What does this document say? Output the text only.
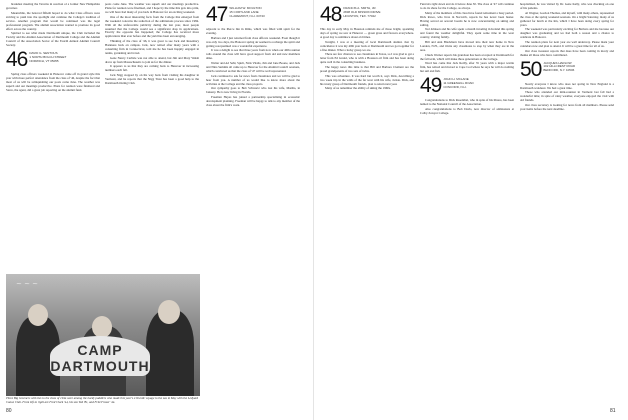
breakfast meeting the Taverns in reaction of a former New Hampshire governor.

Meanwhile, the beloved fiftieth hoped to do what Class officers were striving to push into the spotlight and continue the College's tradition of service. Another program that would be continued was the legal professional program. The alumni association wanted to promote its good effect across the country.

Spirited to see what made Dartmouth unique, the Club included the Faculty and the Alumni Association of Dartmouth College and the Alumni Council of the Association Sector of the Fourth Annual Alumni Council Society.

46 DAVID G. SENTOUS
1 NORTH BOLCH STREET
NORWICH, VT 05055

Spring class officers weekend in Hanover came off in grand style this year with more perfect attendance from the class of '46, despite the fact that most of us will be relinquishing our posts come June. The weather was superb and our meetings productive. Plans for reunion were finalized and Steve, the agent, did a great job reporting on the alumni fund.

posts come June. The weather was superb and our meetings productive. Plans for reunion were finalized, and I hope by the time this gets into print, we will have had many of you back in Hanover for an exciting weekend.

One of the most interesting facts from the College that emerged from the weekend concerns the reduction of the admissions process since 1984. With all the unfavorable publicity during the last year, most people assumed that the College would see a significant drop in applications. Exactly the opposite has happened; the College has received more applications than ever before and the yield has been encouraging.

Thinking of the class of '46, it was great to see Jack and Rosemary Harkness back on campus. Jack, now retired after many years with a consulting firm in Connecticut, told me he has been happily engaged in tennis, gardening and travel.

Gene Nancy Carlisle was not able to attend, but Jim and Mary Walsh drove up from Massachusetts to join us for the dinner.

It appears to us that they are coming back to Hanover in increasing numbers each fall.

Jack Nigg stopped by on his way back from visiting his daughter in Vermont, and he reports that the Nigg Trust has been a good help to the Dartmouth Outing Club.

47 WILLIAM W. MOULTON
15 CORTLAND LANE
CLAREMONT, N.H. 03743

adjacent to the Pierce Inn in Rims, which was filled with spirit for the evening.

Barbara and I just returned from class officers weekend. Even though it was only two days, the Hanover spring air seemed to recharge the spirit and getting reacquainted was a wonderful experience.

It was a delight to see that three years from now when our 40th reunion rolls around the class will have good support from old and new members alike.

Walter and Ad Sahl, Spirit, Nick Vitalis, Jim and Jane Boone, and Jack and Nina Sammis all came up to Hanover for the Alumni Council sessions, which convinced us that the class of '47 will be well represented.

Jack continued to ask for news from classmates and we will be glad to hear from you. A number of us would like to know more about the activities at the College and the class projects.

Our sympathy goes to Bob Schwartz who lost his wife, Martha, in January. He is now living in Florida.

Freeman Hayes has joined a partnership specializing in economic development planning. Freeman will be happy to talk to any member of the class about the firm's work.

~ ~ ~
CAMP
DARTMOUTH
Three Big Greeners with ties to the class of 1944 were among the hardy paddlers who made this year's 219-mile voyage to the sea in May with the Ledyard Canoe Club. From left to right are Fred Clark '44, his son Ted '81, and Fritz Fraser '44.
80
48 FRANCIS A. SMITH, JR.
2838 OLD MISSION DRIVE
HOUSTON, TEX. 77042

This day in early May in Houston reminds me of those bright, sparkling days of spring we saw at Hanover — green grass and flowers everywhere. A good day to reminisce about old times.

Tonight, I was at a meeting of local Dartmouth alumni. Just by coincidence it was my 40th year back at Dartmouth and we got together for a fine dinner. What a lucky group we are.

There are few chances to see classmates in Texas, so I was glad to get a letter from Ed Grund, who is with a Houston oil firm and has been doing quite well in the consulting business.

The happy news this time is that Bill and Barbara Clement are the proud grandparents of two sets of twins.

This was adventure. It was hard but worth it, says Dick, describing a two week trip in the wilds of the far west with his wife, Jackie. Dick, and his trusty group of Dartmouth friends, plan to return next year.

Many of us remember the ability of skiing the 1960s.

Fund six right down and do it before June 30. The class of '47 will continue to do its share for the College, as always.

Many of the members of this class have found retirement a busy period. Dick Rowe, who lives in Norwich, reports he has never been busier. Having served on several boards he is now concentrating on skiing and sailing.

Ted Johnson and his wife spent a month traveling in Ireland this spring and found the weather delightful. They spent some time in the west country, visiting family.

Bill and Ann Blackburn have moved into their new home in New London, N.H., and invite any classmates to stop by when they are in the area.

Chuck Warner reports his grandson has been accepted at Dartmouth for the fall term, which will make three generations at the College.

Word has come that Jack Reilly, after 35 years with a major textile firm, has retired and moved to Cape Cod where he says he will do nothing but sail and fish.

49 JOHN H. MCLANE
11 GREENHILL ROAD
CONCORD, N.H.

Congratulations to Dick Rosenthal, who in spite of his illness, has been named to the National Council of the Association.

Also congratulations to Bob Davis, new director of admissions at Colby-Sawyer College.

hospitalized, he was visited by Dr. Gene Kelly, who was checking on one of his patients.

Al Wagner, Gordon Thomas, and myself, with many others, represented the class at the spring weekend sessions. On a bright Saturday, many of us gathered for lunch at the Inn, which I have been doing every spring for years.

The weekend was particularly exciting for Barbara and me because our daughter was graduating and we had both a reason and a chance to celebrate in Hanover.

The reunion plans for next year are well underway. Please mark your calendars now and plan to attend. It will be a great time for all of us.

Our class treasurer reports that dues have been coming in nicely and thanks all those who have contributed.

50 JACQUES HARLOW
102 HILLCREST ROAD
BEDFORD, N.Y. 10506

Nearly everyone I know who does not spring in New England is a Dartmouth wanderer. We had a great time.

Those who attended our mini-reunion in Vermont last fall had a wonderful time; in spite of rainy weather, everyone enjoyed the visit with old friends.

Our class secretary is looking for news from all members. Please send your items before the next deadline.

81
